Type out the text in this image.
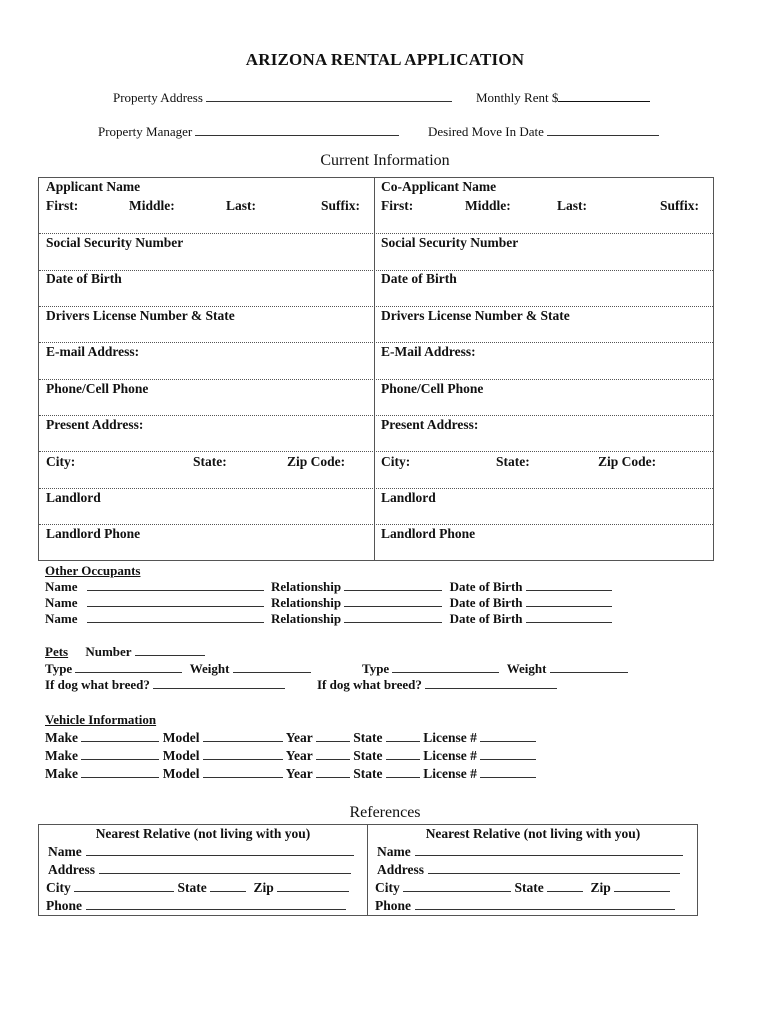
ARIZONA RENTAL APPLICATION
Property Address	Monthly Rent $
Property Manager	Desired Move In Date
Current Information
Applicant Name
First:	Middle:	Last:	Suffix:
Social Security Number
Date of Birth
Drivers License Number & State
E-mail Address:
Phone/Cell Phone
Present Address:
City:	State:	Zip Code:
Landlord
Landlord Phone
Co-Applicant Name
First:	Middle:	Last:	Suffix:
Social Security Number
Date of Birth
Drivers License Number & State
E-Mail Address:
Phone/Cell Phone
Present Address:
City:	State:	Zip Code:
Landlord
Landlord Phone
Other Occupants
Name	Relationship	Date of Birth
Name	Relationship	Date of Birth
Name	Relationship	Date of Birth
Pets Number
Type	Weight	Type	Weight
If dog what breed?	If dog what breed?
Vehicle Information
Make	Model	Year	State	License #
Make	Model	Year	State	License #
Make	Model	Year	State	License #
References
Nearest Relative (not living with you)
Name
Address
City	State	Zip
Phone
Nearest Relative (not living with you)
Name
Address
City	State	Zip
Phone
